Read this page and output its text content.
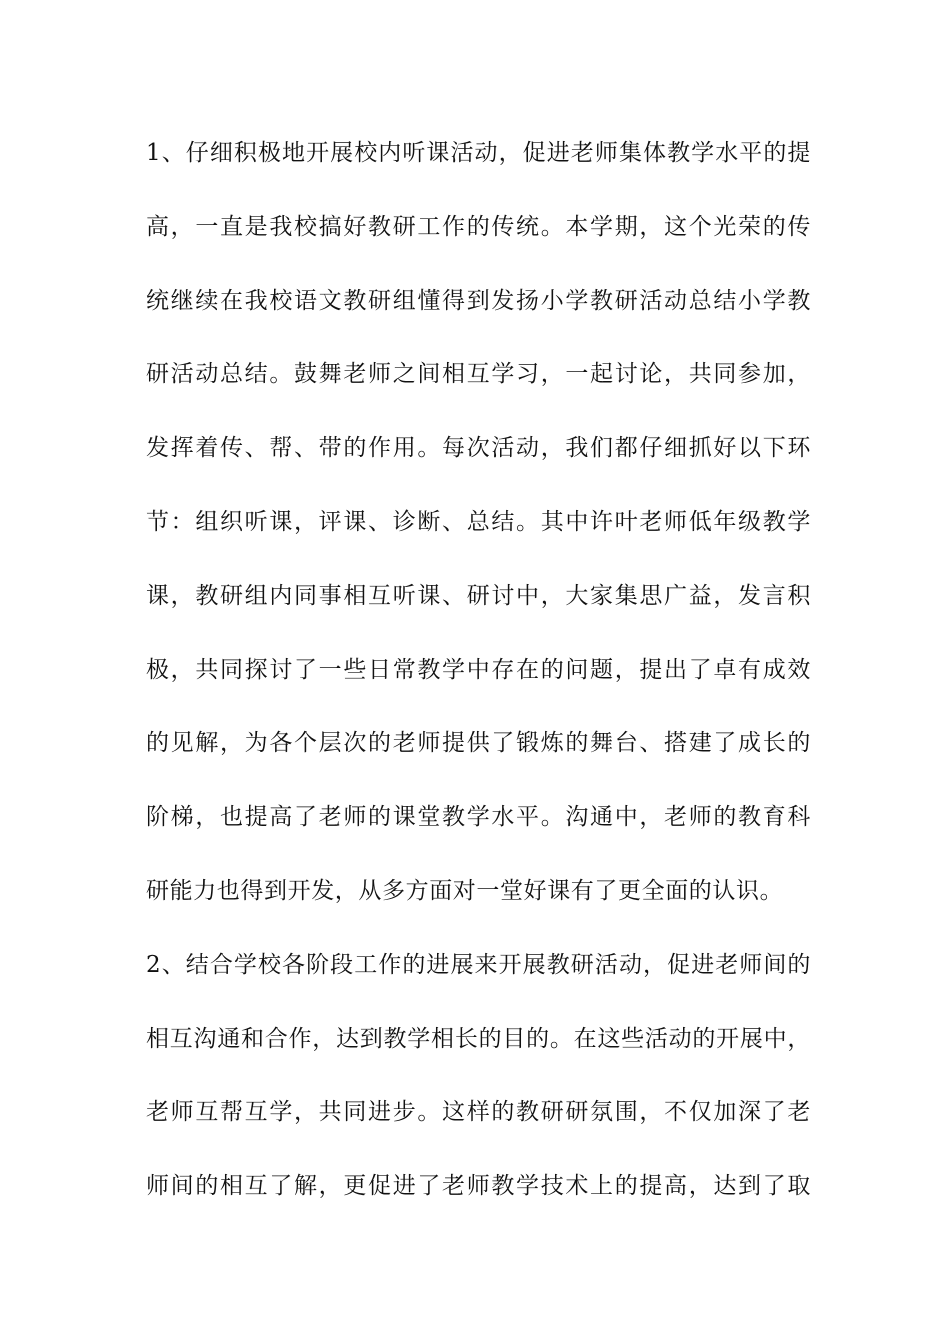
1、仔细积极地开展校内听课活动，促进老师集体教学水平的提
高，一直是我校搞好教研工作的传统。本学期，这个光荣的传
统继续在我校语文教研组懂得到发扬小学教研活动总结小学教
研活动总结。鼓舞老师之间相互学习，一起讨论，共同参加，
发挥着传、帮、带的作用。每次活动，我们都仔细抓好以下环
节：组织听课，评课、诊断、总结。其中许叶老师低年级教学
课，教研组内同事相互听课、研讨中，大家集思广益，发言积
极，共同探讨了一些日常教学中存在的问题，提出了卓有成效
的见解，为各个层次的老师提供了锻炼的舞台、搭建了成长的
阶梯，也提高了老师的课堂教学水平。沟通中，老师的教育科
研能力也得到开发，从多方面对一堂好课有了更全面的认识。
2、结合学校各阶段工作的进展来开展教研活动，促进老师间的
相互沟通和合作，达到教学相长的目的。在这些活动的开展中，
老师互帮互学，共同进步。这样的教研研氛围，不仅加深了老
师间的相互了解，更促进了老师教学技术上的提高，达到了取
